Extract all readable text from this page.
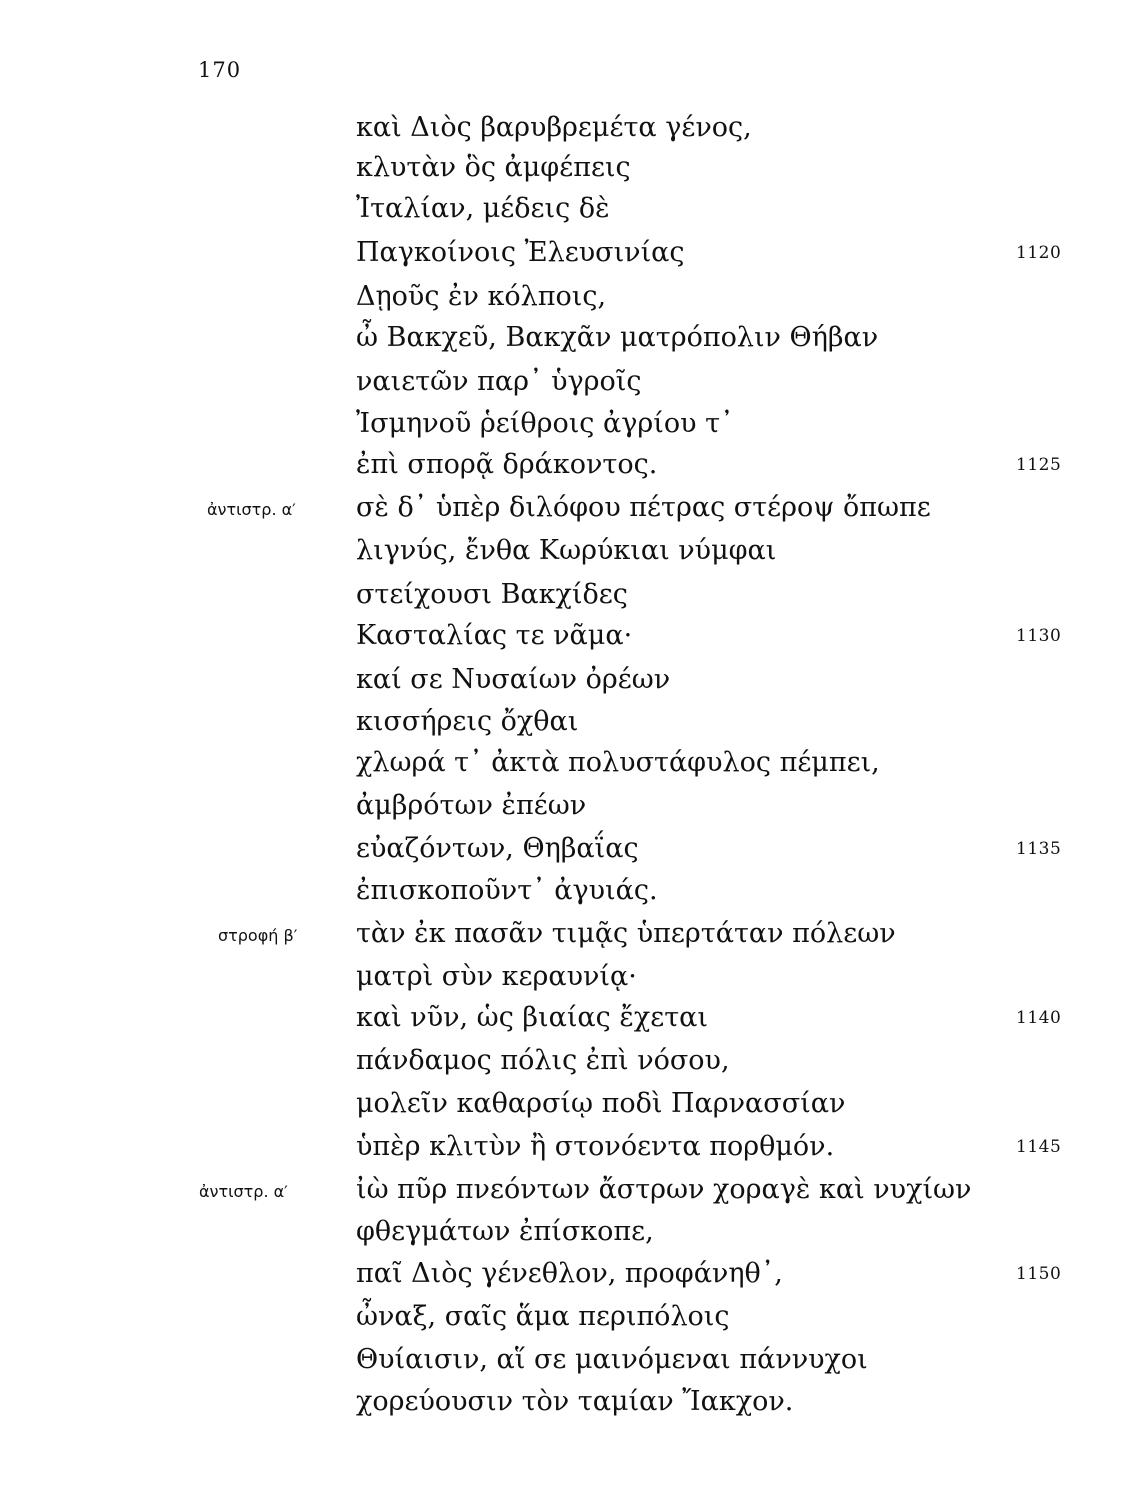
170
καὶ Διὸς βαρυβρεμέτα γένος,
κλυτὰν ὃς ἀμφέπεις
Ἰταλίαν, μέδεις δὲ
Παγκοίνοις Ἐλευσινίας	1120
Δῃοῦς ἐν κόλποις,
ὦ Βακχεῦ, Βακχᾶν ματρόπολιν Θήβαν
ναιετῶν παρ᾽ ὑγροῖς
Ἰσμηνοῦ ῥείθροις ἀγρίου τ᾽
ἐπὶ σπορᾷ δράκοντος.	1125
ἀντιστρ. α′ σὲ δ᾽ ὑπὲρ διλόφου πέτρας στέροψ ὄπωπε
λιγνύς, ἔνθα Κωρύκιαι νύμφαι
στείχουσι Βακχίδες
Κασταλίας τε νᾶμα·	1130
καί σε Νυσαίων ὀρέων
κισσήρεις ὄχθαι
χλωρά τ᾽ ἀκτὰ πολυστάφυλος πέμπει,
ἀμβρότων ἐπέων
εὐαζόντων, Θηβαΐας	1135
ἐπισκοποῦντ᾽ ἀγυιάς.
στροφή β′ τὰν ἐκ πασᾶν τιμᾷς ὑπερτάταν πόλεων
ματρὶ σὺν κεραυνίᾳ·
καὶ νῦν, ὡς βιαίας ἔχεται	1140
πάνδαμος πόλις ἐπὶ νόσου,
μολεῖν καθαρσίῳ ποδὶ Παρνασσίαν
ὑπὲρ κλιτὺν ἢ στονόεντα πορθμόν.	1145
ἀντιστρ. α′	ἰὼ πῦρ πνεόντων ἄστρων χοραγὲ καὶ νυχίων
φθεγμάτων ἐπίσκοπε,
παῖ Διὸς γένεθλον, προφάνηθ᾽,	1150
ὦναξ, σαῖς ἅμα περιπόλοις
Θυίαισιν, αἵ σε μαινόμεναι πάννυχοι
χορεύουσιν τὸν ταμίαν Ἴακχον.
